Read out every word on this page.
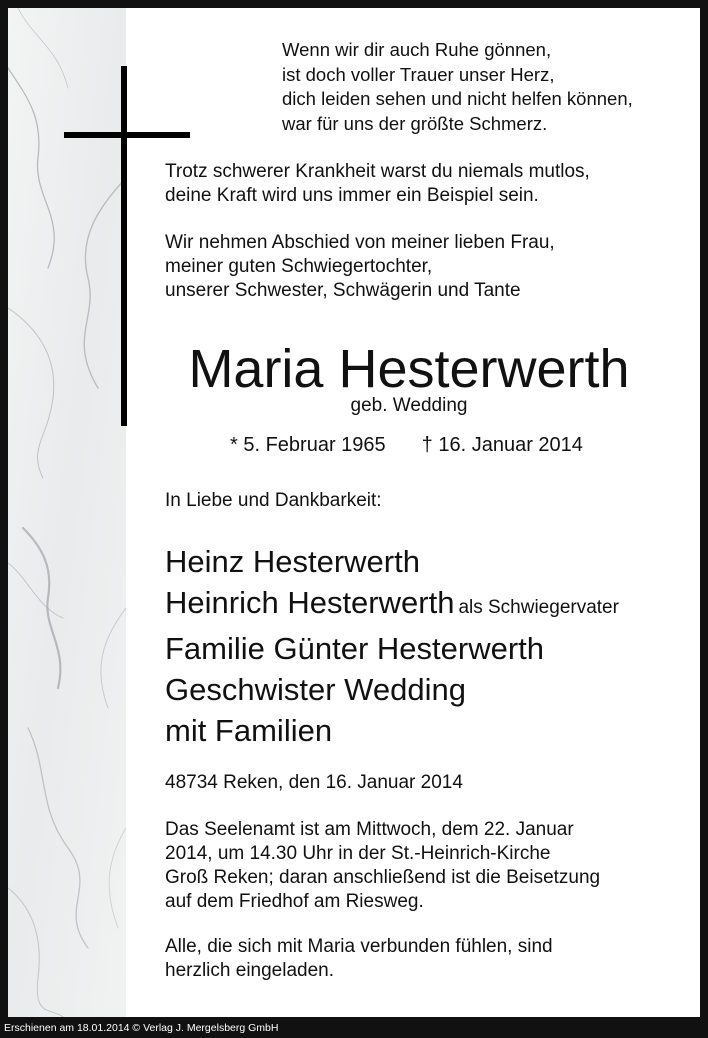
Wenn wir dir auch Ruhe gönnen,
ist doch voller Trauer unser Herz,
dich leiden sehen und nicht helfen können,
war für uns der größte Schmerz.
Trotz schwerer Krankheit warst du niemals mutlos,
deine Kraft wird uns immer ein Beispiel sein.
Wir nehmen Abschied von meiner lieben Frau,
meiner guten Schwiegertochter,
unserer Schwester, Schwägerin und Tante
Maria Hesterwerth
geb. Wedding
* 5. Februar 1965 † 16. Januar 2014
In Liebe und Dankbarkeit:
Heinz Hesterwerth
Heinrich Hesterwerth als Schwiegervater
Familie Günter Hesterwerth
Geschwister Wedding
mit Familien
48734 Reken, den 16. Januar 2014
Das Seelenamt ist am Mittwoch, dem 22. Januar
2014, um 14.30 Uhr in der St.-Heinrich-Kirche
Groß Reken; daran anschließend ist die Beisetzung
auf dem Friedhof am Riesweg.
Alle, die sich mit Maria verbunden fühlen, sind
herzlich eingeladen.
Erschienen am 18.01.2014 © Verlag J. Mergelsberg GmbH
